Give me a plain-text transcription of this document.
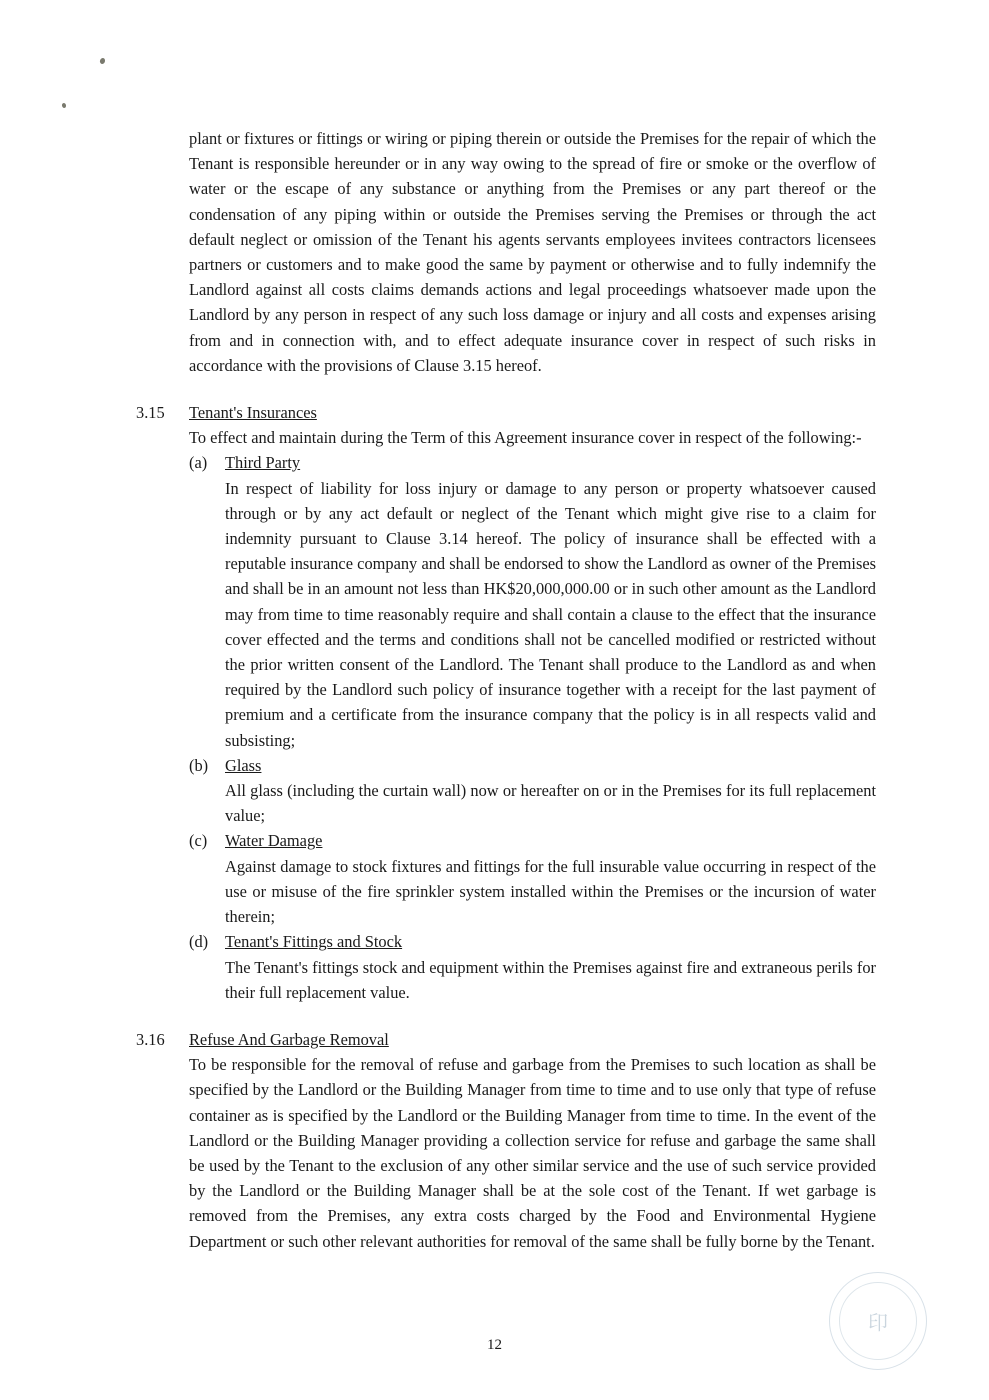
plant or fixtures or fittings or wiring or piping therein or outside the Premises for the repair of which the Tenant is responsible hereunder or in any way owing to the spread of fire or smoke or the overflow of water or the escape of any substance or anything from the Premises or any part thereof or the condensation of any piping within or outside the Premises serving the Premises or through the act default neglect or omission of the Tenant his agents servants employees invitees contractors licensees partners or customers and to make good the same by payment or otherwise and to fully indemnify the Landlord against all costs claims demands actions and legal proceedings whatsoever made upon the Landlord by any person in respect of any such loss damage or injury and all costs and expenses arising from and in connection with, and to effect adequate insurance cover in respect of such risks in accordance with the provisions of Clause 3.15 hereof.

3.15	Tenant's Insurances

To effect and maintain during the Term of this Agreement insurance cover in respect of the following:-

(a)	Third Party

In respect of liability for loss injury or damage to any person or property whatsoever caused through or by any act default or neglect of the Tenant which might give rise to a claim for indemnity pursuant to Clause 3.14 hereof. The policy of insurance shall be effected with a reputable insurance company and shall be endorsed to show the Landlord as owner of the Premises and shall be in an amount not less than HK$20,000,000.00 or in such other amount as the Landlord may from time to time reasonably require and shall contain a clause to the effect that the insurance cover effected and the terms and conditions shall not be cancelled modified or restricted without the prior written consent of the Landlord. The Tenant shall produce to the Landlord as and when required by the Landlord such policy of insurance together with a receipt for the last payment of premium and a certificate from the insurance company that the policy is in all respects valid and subsisting;

(b)	Glass

All glass (including the curtain wall) now or hereafter on or in the Premises for its full replacement value;

(c)	Water Damage

Against damage to stock fixtures and fittings for the full insurable value occurring in respect of the use or misuse of the fire sprinkler system installed within the Premises or the incursion of water therein;

(d)	Tenant's Fittings and Stock

The Tenant's fittings stock and equipment within the Premises against fire and extraneous perils for their full replacement value.

3.16	Refuse And Garbage Removal

To be responsible for the removal of refuse and garbage from the Premises to such location as shall be specified by the Landlord or the Building Manager from time to time and to use only that type of refuse container as is specified by the Landlord or the Building Manager from time to time. In the event of the Landlord or the Building Manager providing a collection service for refuse and garbage the same shall be used by the Tenant to the exclusion of any other similar service and the use of such service provided by the Landlord or the Building Manager shall be at the sole cost of the Tenant. If wet garbage is removed from the Premises, any extra costs charged by the Food and Environmental Hygiene Department or such other relevant authorities for removal of the same shall be fully borne by the Tenant.

印
12
